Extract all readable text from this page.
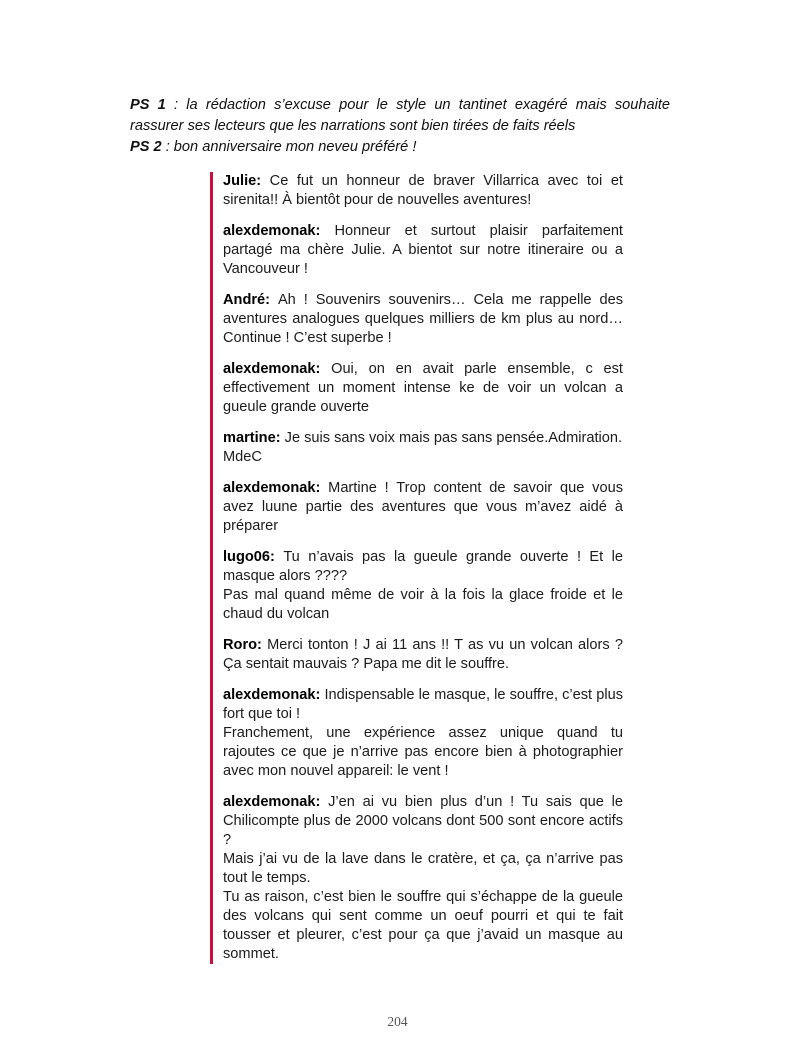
PS 1 : la rédaction s’excuse pour le style un tantinet exagéré mais souhaite rassurer ses lecteurs que les narrations sont bien tirées de faits réels

PS 2 : bon anniversaire mon neveu préféré !

Julie: Ce fut un honneur de braver Villarrica avec toi et sirenita!! À bientôt pour de nouvelles aventures!

alexdemonak: Honneur et surtout plaisir parfaitement partagé ma chère Julie. A bientot sur notre itineraire ou a Vancouveur !

André: Ah ! Souvenirs souvenirs… Cela me rappelle des aventures analogues quelques milliers de km plus au nord… Continue ! C’est superbe !

alexdemonak: Oui, on en avait parle ensemble, c est effectivement un moment intense ke de voir un volcan a gueule grande ouverte

martine: Je suis sans voix mais pas sans pensée.Admiration.

MdeC

alexdemonak: Martine ! Trop content de savoir que vous avez luune partie des aventures que vous m’avez aidé à préparer

lugo06: Tu n’avais pas la gueule grande ouverte ! Et le masque alors ????

Pas mal quand même de voir à la fois la glace froide et le chaud du volcan

Roro: Merci tonton ! J ai 11 ans !! T as vu un volcan alors ? Ça sentait mauvais ? Papa me dit le souffre.

alexdemonak: Indispensable le masque, le souffre, c’est plus fort que toi !

Franchement, une expérience assez unique quand tu rajoutes ce que je n’arrive pas encore bien à photographier avec mon nouvel appareil: le vent !

alexdemonak: J’en ai vu bien plus d’un ! Tu sais que le Chilicompte plus de 2000 volcans dont 500 sont encore actifs ?

Mais j’ai vu de la lave dans le cratère, et ça, ça n’arrive pas tout le temps.

Tu as raison, c’est bien le souffre qui s’échappe de la gueule des volcans qui sent comme un oeuf pourri et qui te fait tousser et pleurer, c’est pour ça que j’avaid un masque au sommet.

204
